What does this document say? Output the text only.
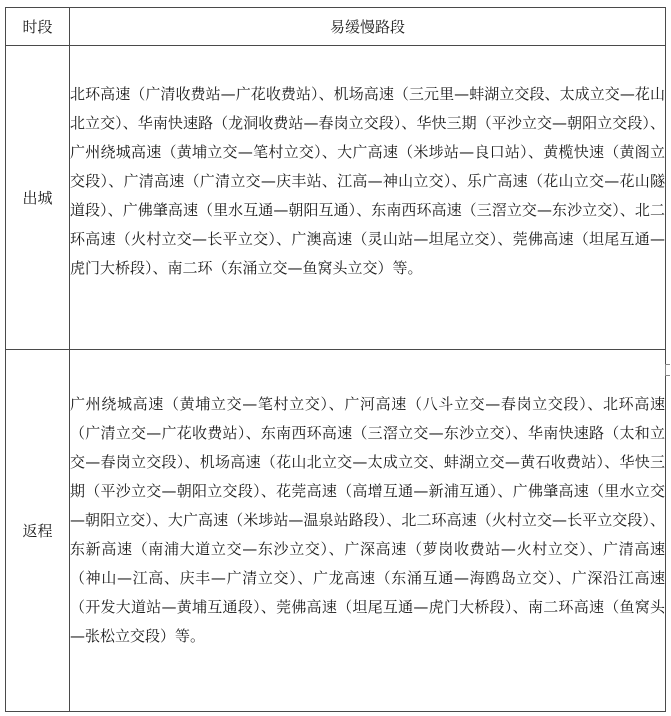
时段	易缓慢路段
出城	北环高速（广清收费站—广花收费站）、机场高速（三元里—蚌湖立交段、太成立交—花山北立交）、华南快速路（龙洞收费站—春岗立交段）、华快三期（平沙立交—朝阳立交段）、广州绕城高速（黄埔立交—笔村立交）、大广高速（米埗站—良口站）、黄榄快速（黄阁立交段）、广清高速（广清立交—庆丰站、江高—神山立交）、乐广高速（花山立交—花山隧道段）、广佛肇高速（里水互通—朝阳互通）、东南西环高速（三滘立交—东沙立交）、北二环高速（火村立交—长平立交）、广澳高速（灵山站—坦尾立交）、莞佛高速（坦尾互通—虎门大桥段）、南二环（东涌立交—鱼窝头立交）等。
返程	广州绕城高速（黄埔立交—笔村立交）、广河高速（八斗立交—春岗立交段）、北环高速（广清立交—广花收费站）、东南西环高速（三滘立交—东沙立交）、华南快速路（太和立交—春岗立交段）、机场高速（花山北立交—太成立交、蚌湖立交—黄石收费站）、华快三期（平沙立交—朝阳立交段）、花莞高速（高增互通—新浦互通）、广佛肇高速（里水立交—朝阳立交）、大广高速（米埗站—温泉站路段）、北二环高速（火村立交—长平立交段）、东新高速（南浦大道立交—东沙立交）、广深高速（萝岗收费站—火村立交）、广清高速（神山—江高、庆丰—广清立交）、广龙高速（东涌互通—海鸥岛立交）、广深沿江高速（开发大道站—黄埔互通段）、莞佛高速（坦尾互通—虎门大桥段）、南二环高速（鱼窝头—张松立交段）等。
